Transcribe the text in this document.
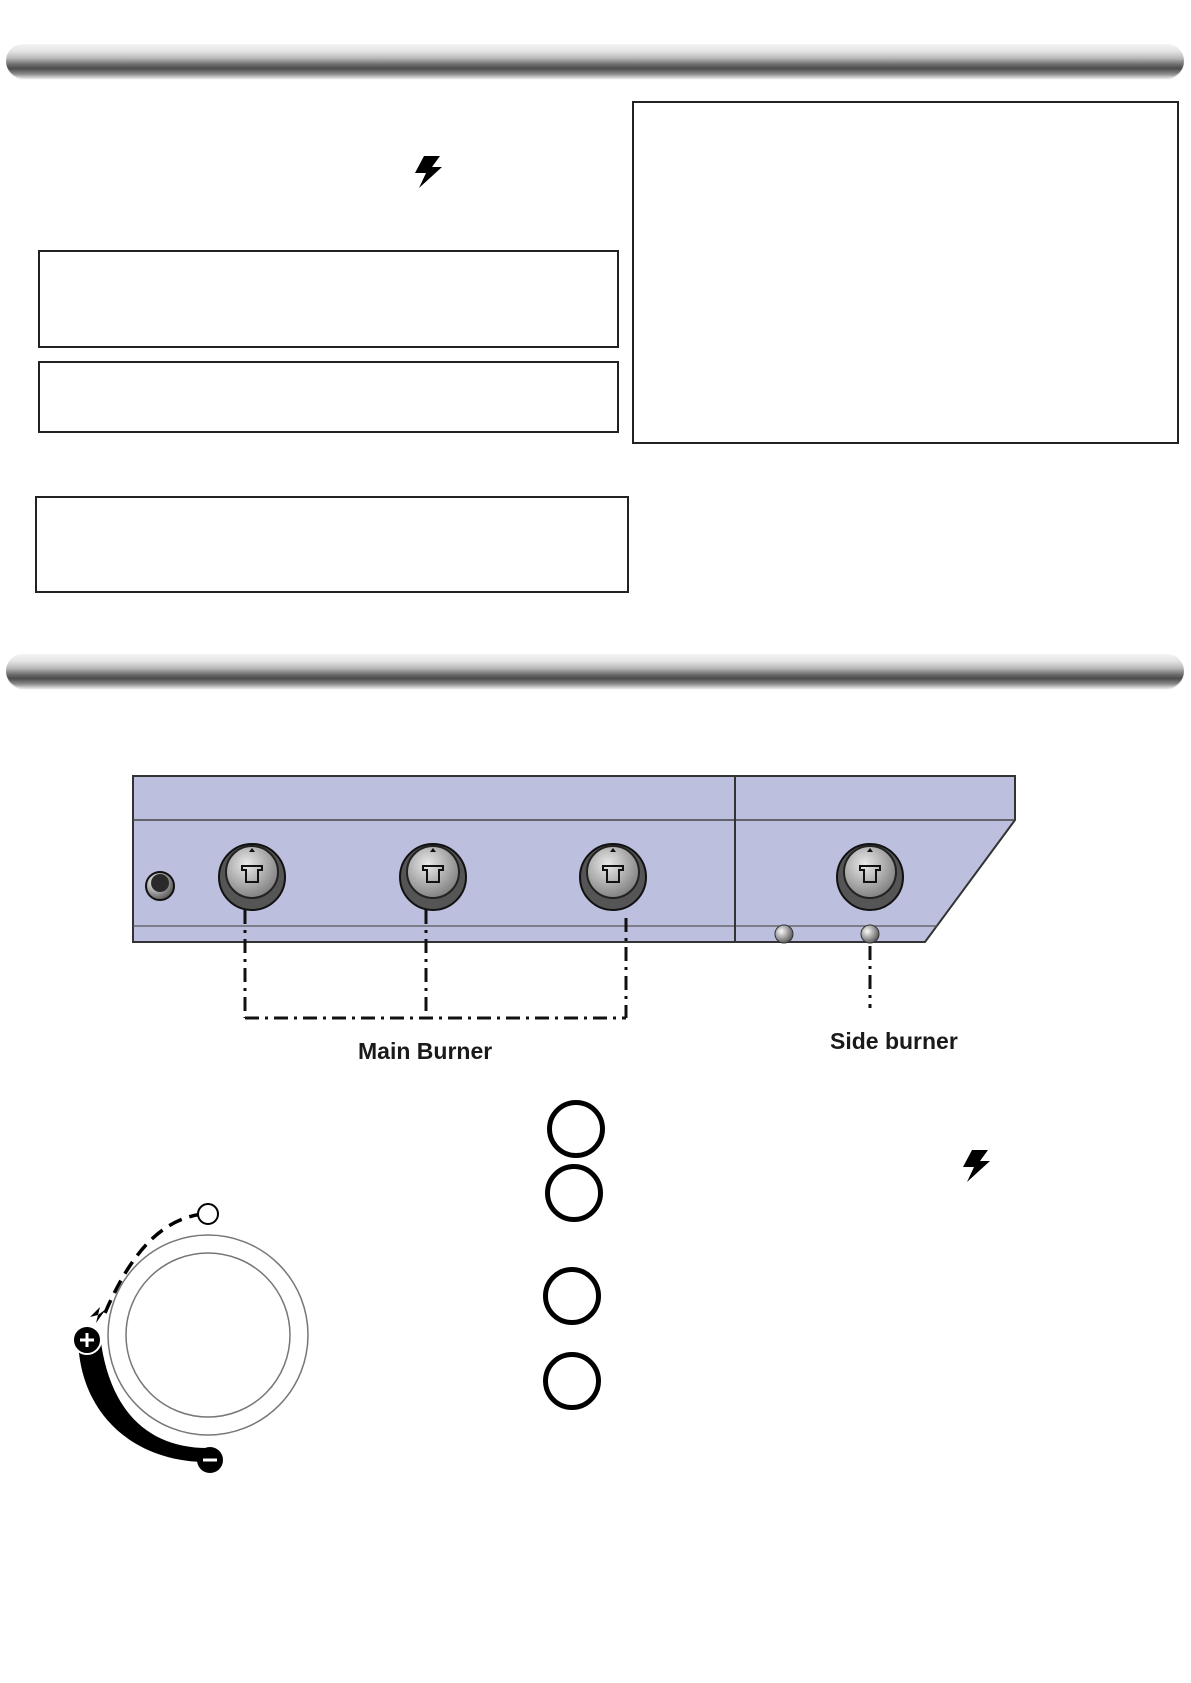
Main Burner	Side burner
